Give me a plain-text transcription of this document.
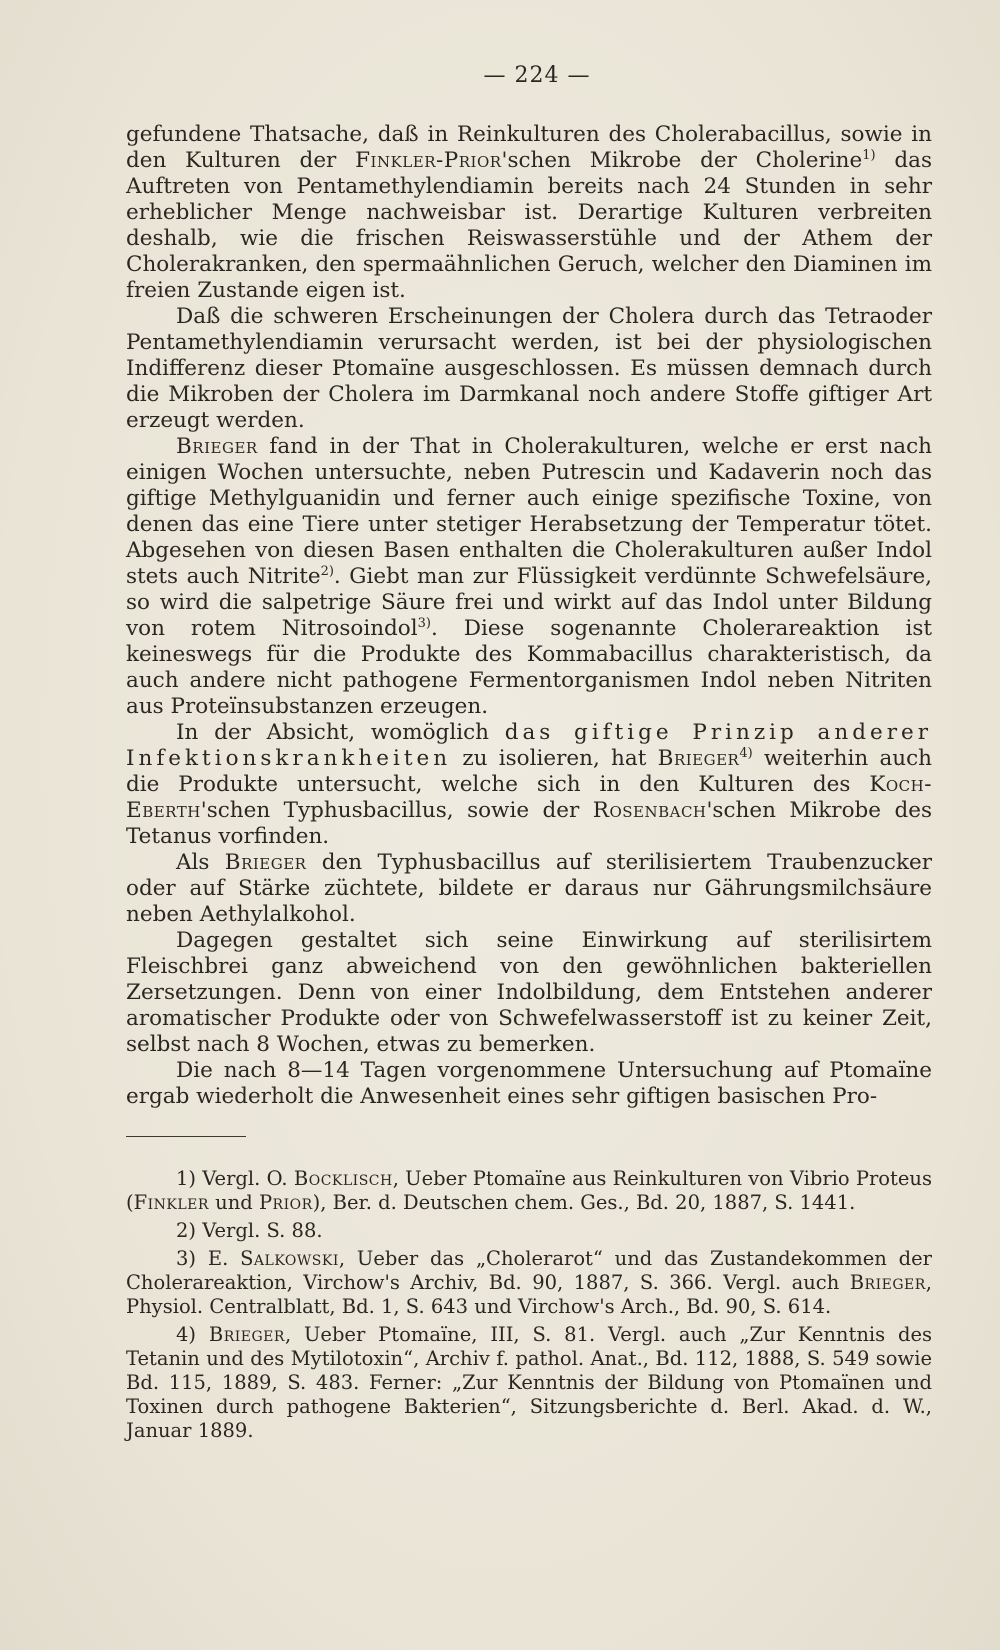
— 224 —

gefundene Thatsache, daß in Reinkulturen des Cholerabacillus, sowie in den Kulturen der Finkler-Prior'schen Mikrobe der Cholerine$^{1)}$ das Auftreten von Pentamethylendiamin bereits nach 24 Stunden in sehr erheblicher Menge nachweisbar ist. Derartige Kulturen verbreiten deshalb, wie die frischen Reiswasserstühle und der Athem der Cholerakranken, den spermaähnlichen Geruch, welcher den Diaminen im freien Zustande eigen ist.

Daß die schweren Erscheinungen der Cholera durch das Tetraoder Pentamethylendiamin verursacht werden, ist bei der physiologischen Indifferenz dieser Ptomaïne ausgeschlossen. Es müssen demnach durch die Mikroben der Cholera im Darmkanal noch andere Stoffe giftiger Art erzeugt werden.

Brieger fand in der That in Cholerakulturen, welche er erst nach einigen Wochen untersuchte, neben Putrescin und Kadaverin noch das giftige Methylguanidin und ferner auch einige spezifische Toxine, von denen das eine Tiere unter stetiger Herabsetzung der Temperatur tötet. Abgesehen von diesen Basen enthalten die Cholerakulturen außer Indol stets auch Nitrite$^{2)}$. Giebt man zur Flüssigkeit verdünnte Schwefelsäure, so wird die salpetrige Säure frei und wirkt auf das Indol unter Bildung von rotem Nitrosoindol$^{3)}$. Diese sogenannte Cholerareaktion ist keineswegs für die Produkte des Kommabacillus charakteristisch, da auch andere nicht pathogene Fermentorganismen Indol neben Nitriten aus Proteïnsubstanzen erzeugen.

In der Absicht, womöglich das giftige Prinzip anderer Infektionskrankheiten zu isolieren, hat Brieger$^{4)}$ weiterhin auch die Produkte untersucht, welche sich in den Kulturen des Koch-Eberth'schen Typhusbacillus, sowie der Rosenbach'schen Mikrobe des Tetanus vorfinden.

Als Brieger den Typhusbacillus auf sterilisiertem Traubenzucker oder auf Stärke züchtete, bildete er daraus nur Gährungsmilchsäure neben Aethylalkohol.

Dagegen gestaltet sich seine Einwirkung auf sterilisirtem Fleischbrei ganz abweichend von den gewöhnlichen bakteriellen Zersetzungen. Denn von einer Indolbildung, dem Entstehen anderer aromatischer Produkte oder von Schwefelwasserstoff ist zu keiner Zeit, selbst nach 8 Wochen, etwas zu bemerken.

Die nach 8—14 Tagen vorgenommene Untersuchung auf Ptomaïne ergab wiederholt die Anwesenheit eines sehr giftigen basischen Pro-

1) Vergl. O. Bocklisch, Ueber Ptomaïne aus Reinkulturen von Vibrio Proteus (Finkler und Prior), Ber. d. Deutschen chem. Ges., Bd. 20, 1887, S. 1441.

2) Vergl. S. 88.

3) E. Salkowski, Ueber das „Cholerarot“ und das Zustandekommen der Cholerareaktion, Virchow's Archiv, Bd. 90, 1887, S. 366. Vergl. auch Brieger, Physiol. Centralblatt, Bd. 1, S. 643 und Virchow's Arch., Bd. 90, S. 614.

4) Brieger, Ueber Ptomaïne, III, S. 81. Vergl. auch „Zur Kenntnis des Tetanin und des Mytilotoxin“, Archiv f. pathol. Anat., Bd. 112, 1888, S. 549 sowie Bd. 115, 1889, S. 483. Ferner: „Zur Kenntnis der Bildung von Ptomaïnen und Toxinen durch pathogene Bakterien“, Sitzungsberichte d. Berl. Akad. d. W., Januar 1889.
